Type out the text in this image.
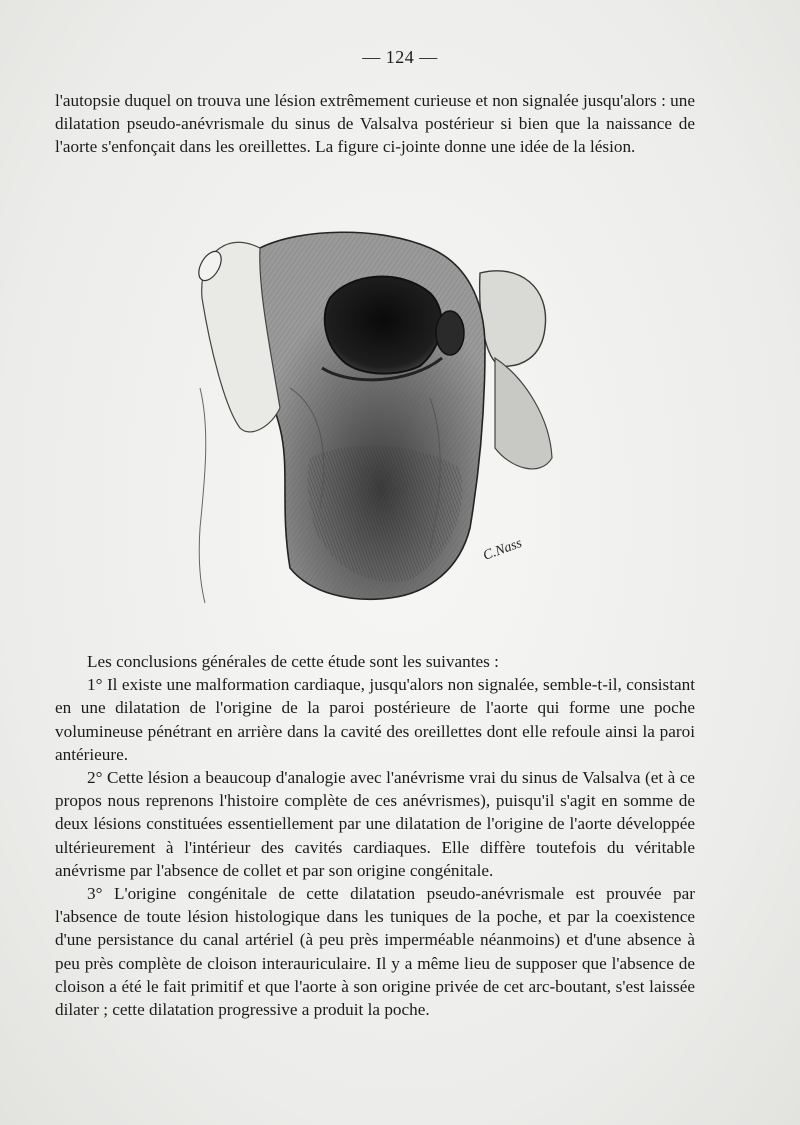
— 124 —

l'autopsie duquel on trouva une lésion extrêmement curieuse et non signalée jusqu'alors : une dilatation pseudo-anévrismale du sinus de Valsalva postérieur si bien que la naissance de l'aorte s'enfonçait dans les oreillettes. La figure ci-jointe donne une idée de la lésion.

C.Nass

Les conclusions générales de cette étude sont les suivantes :

1° Il existe une malformation cardiaque, jusqu'alors non signalée, semble-t-il, consistant en une dilatation de l'origine de la paroi postérieure de l'aorte qui forme une poche volumineuse pénétrant en arrière dans la cavité des oreillettes dont elle refoule ainsi la paroi antérieure.

2° Cette lésion a beaucoup d'analogie avec l'anévrisme vrai du sinus de Valsalva (et à ce propos nous reprenons l'histoire complète de ces anévrismes), puisqu'il s'agit en somme de deux lésions constituées essentiellement par une dilatation de l'origine de l'aorte développée ultérieurement à l'intérieur des cavités cardiaques. Elle diffère toutefois du véritable anévrisme par l'absence de collet et par son origine congénitale.

3° L'origine congénitale de cette dilatation pseudo-anévrismale est prouvée par l'absence de toute lésion histologique dans les tuniques de la poche, et par la coexistence d'une persistance du canal artériel (à peu près imperméable néanmoins) et d'une absence à peu près complète de cloison interauriculaire. Il y a même lieu de supposer que l'absence de cloison a été le fait primitif et que l'aorte à son origine privée de cet arc-boutant, s'est laissée dilater ; cette dilatation progressive a produit la poche.
